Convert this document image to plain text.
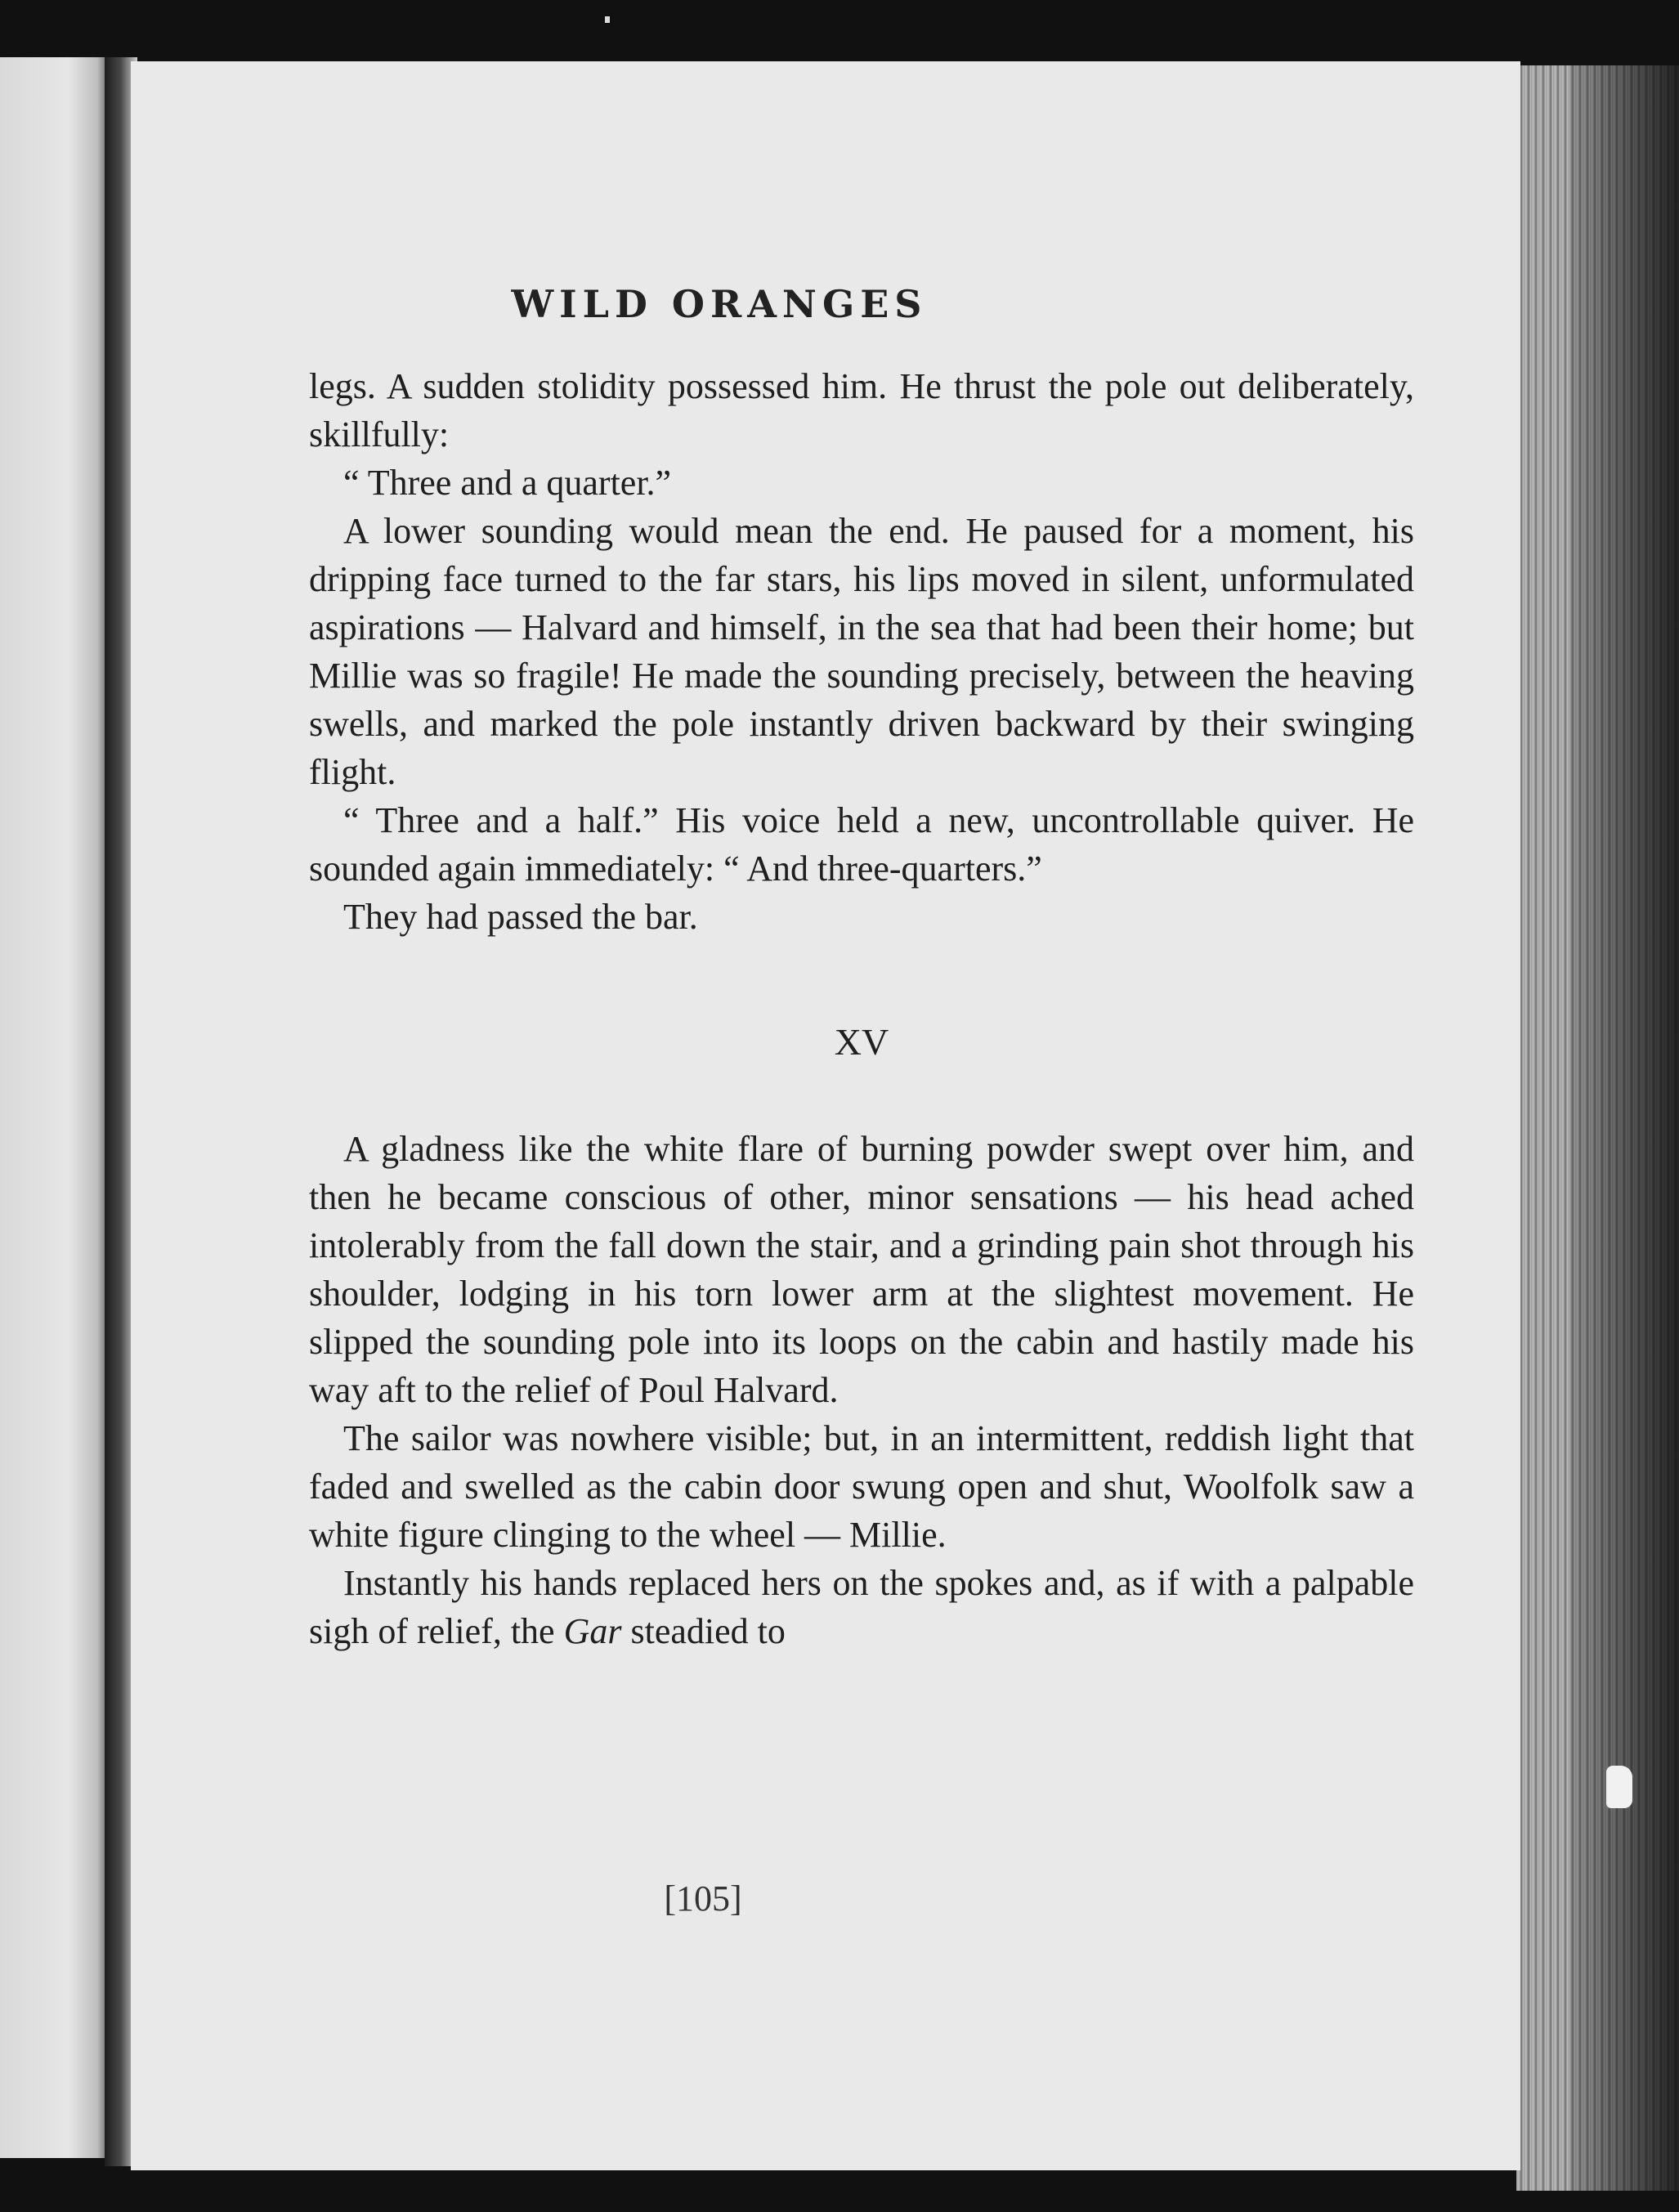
WILD ORANGES

legs. A sudden stolidity possessed him. He thrust the pole out deliberately, skillfully:

“ Three and a quarter.”

A lower sounding would mean the end. He paused for a moment, his dripping face turned to the far stars, his lips moved in silent, unformulated aspirations — Halvard and himself, in the sea that had been their home; but Millie was so fragile! He made the sounding precisely, between the heaving swells, and marked the pole instantly driven backward by their swinging flight.

“ Three and a half.” His voice held a new, uncontrollable quiver. He sounded again immediately: “ And three-quarters.”

They had passed the bar.

XV

A gladness like the white flare of burning powder swept over him, and then he became conscious of other, minor sensations — his head ached intolerably from the fall down the stair, and a grinding pain shot through his shoulder, lodging in his torn lower arm at the slightest movement. He slipped the sounding pole into its loops on the cabin and hastily made his way aft to the relief of Poul Halvard.

The sailor was nowhere visible; but, in an intermittent, reddish light that faded and swelled as the cabin door swung open and shut, Woolfolk saw a white figure clinging to the wheel — Millie.

Instantly his hands replaced hers on the spokes and, as if with a palpable sigh of relief, the Gar steadied to

[105]
